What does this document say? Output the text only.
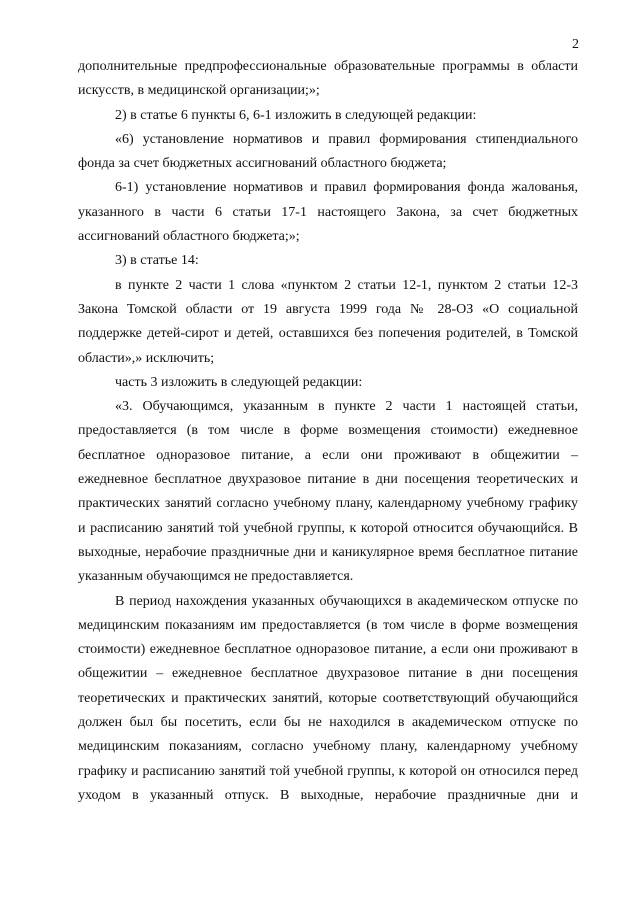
2

дополнительные предпрофессиональные образовательные программы в области искусств, в медицинской организации;»;

2) в статье 6 пункты 6, 6-1 изложить в следующей редакции:

«6) установление нормативов и правил формирования стипендиального фонда за счет бюджетных ассигнований областного бюджета;

6-1) установление нормативов и правил формирования фонда жалованья, указанного в части 6 статьи 17-1 настоящего Закона, за счет бюджетных ассигнований областного бюджета;»;

3) в статье 14:

в пункте 2 части 1 слова «пунктом 2 статьи 12-1, пунктом 2 статьи 12-3 Закона Томской области от 19 августа 1999 года № 28-ОЗ «О социальной поддержке детей-сирот и детей, оставшихся без попечения родителей, в Томской области»,» исключить;

часть 3 изложить в следующей редакции:

«3. Обучающимся, указанным в пункте 2 части 1 настоящей статьи, предоставляется (в том числе в форме возмещения стоимости) ежедневное бесплатное одноразовое питание, а если они проживают в общежитии – ежедневное бесплатное двухразовое питание в дни посещения теоретических и практических занятий согласно учебному плану, календарному учебному графику и расписанию занятий той учебной группы, к которой относится обучающийся. В выходные, нерабочие праздничные дни и каникулярное время бесплатное питание указанным обучающимся не предоставляется.

В период нахождения указанных обучающихся в академическом отпуске по медицинским показаниям им предоставляется (в том числе в форме возмещения стоимости) ежедневное бесплатное одноразовое питание, а если они проживают в общежитии – ежедневное бесплатное двухразовое питание в дни посещения теоретических и практических занятий, которые соответствующий обучающийся должен был бы посетить, если бы не находился в академическом отпуске по медицинским показаниям, согласно учебному плану, календарному учебному графику и расписанию занятий той учебной группы, к которой он относился перед уходом в указанный отпуск. В выходные, нерабочие праздничные дни и
